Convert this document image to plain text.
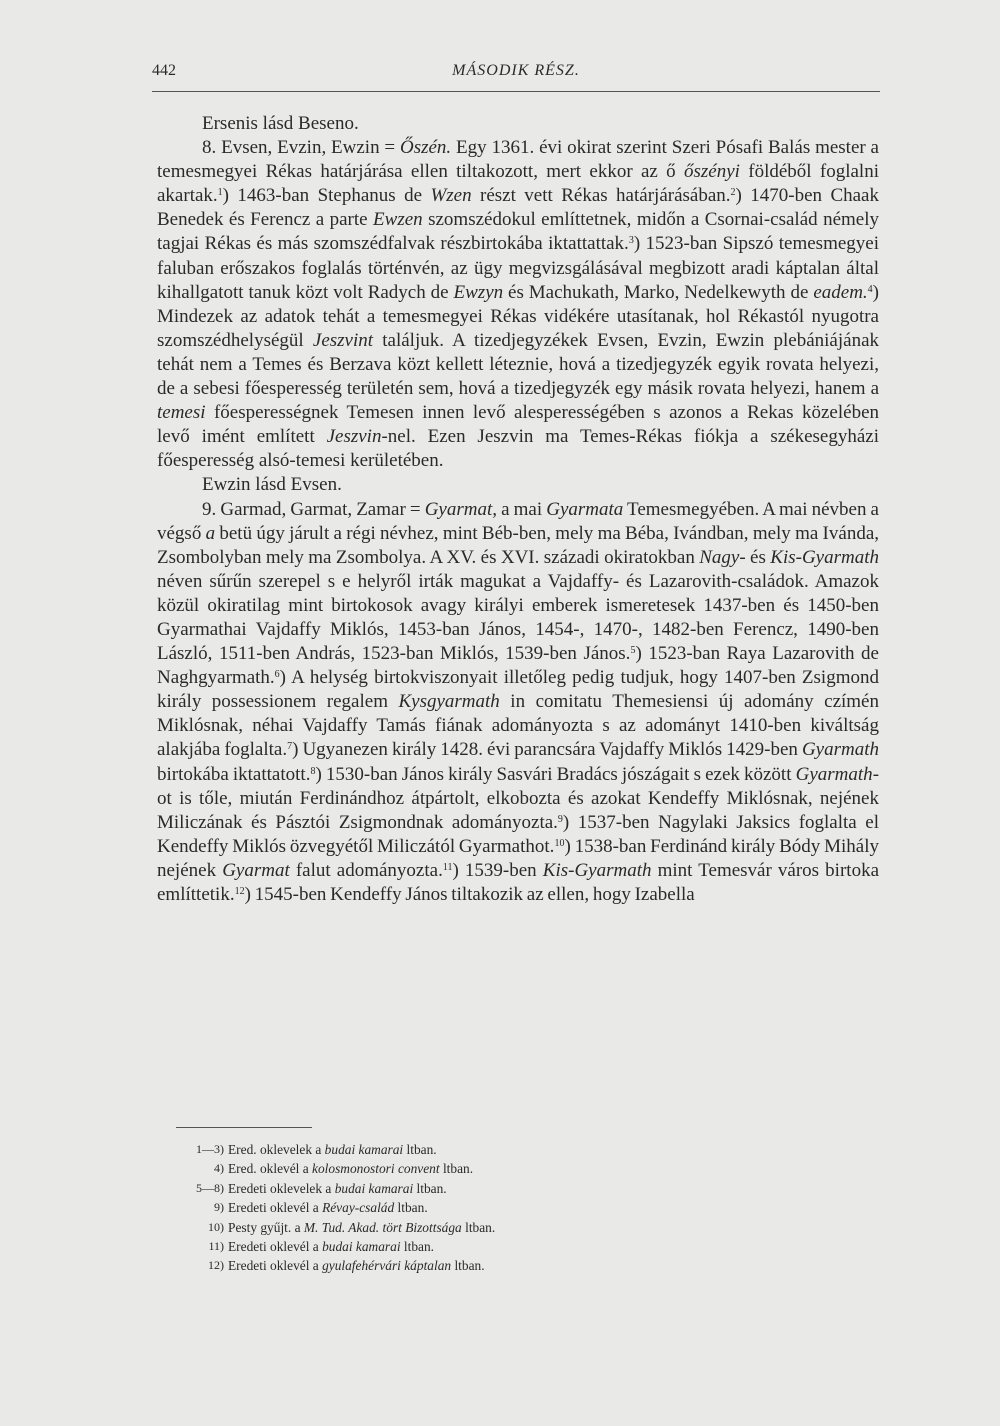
442	MÁSODIK RÉSZ.

Ersenis lásd Beseno.

8. Evsen, Evzin, Ewzin = Őszén. Egy 1361. évi okirat szerint Szeri Pósafi Balás mester a temesmegyei Rékas határjárása ellen tiltakozott, mert ekkor az ő őszényi földéből foglalni akartak.$^1$) 1463-ban Stephanus de Wzen részt vett Rékas határjárásában.$^2$) 1470-ben Chaak Benedek és Ferencz a parte Ewzen szomszédokul említtetnek, midőn a Csornai-család némely tagjai Rékas és más szomszédfalvak részbirtokába iktattattak.$^3$) 1523-ban Sipszó temesmegyei faluban erőszakos foglalás történvén, az ügy megvizsgálásával megbizott aradi káptalan által kihallgatott tanuk közt volt Radych de Ewzyn és Machukath, Marko, Nedelkewyth de eadem.$^4$) Mindezek az adatok tehát a temesmegyei Rékas vidékére utasítanak, hol Rékastól nyugotra szomszédhelységül Jeszvint találjuk. A tizedjegyzékek Evsen, Evzin, Ewzin plebániájának tehát nem a Temes és Berzava közt kellett léteznie, hová a tizedjegyzék egyik rovata helyezi, de a sebesi főesperesség területén sem, hová a tizedjegyzék egy másik rovata helyezi, hanem a temesi főesperességnek Temesen innen levő alesperességében s azonos a Rekas közelében levő imént említett Jeszvin-nel. Ezen Jeszvin ma Temes-Rékas fiókja a székesegyházi főesperesség alsó-temesi kerületében.

Ewzin lásd Evsen.

9. Garmad, Garmat, Zamar = Gyarmat, a mai Gyarmata Temesmegyében. A mai névben a végső a betü úgy járult a régi névhez, mint Béb-ben, mely ma Béba, Ivándban, mely ma Ivánda, Zsombolyban mely ma Zsombolya. A XV. és XVI. századi okiratokban Nagy- és Kis-Gyarmath néven sűrűn szerepel s e helyről irták magukat a Vajdaffy- és Lazarovith-családok. Amazok közül okiratilag mint birtokosok avagy királyi emberek ismeretesek 1437-ben és 1450-ben Gyarmathai Vajdaffy Miklós, 1453-ban János, 1454-, 1470-, 1482-ben Ferencz, 1490-ben László, 1511-ben András, 1523-ban Miklós, 1539-ben János.$^5$) 1523-ban Raya Lazarovith de Naghgyarmath.$^6$) A helység birtokviszonyait illetőleg pedig tudjuk, hogy 1407-ben Zsigmond király possessionem regalem Kysgyarmath in comitatu Themesiensi új adomány czímén Miklósnak, néhai Vajdaffy Tamás fiának adományozta s az adományt 1410-ben kiváltság alakjába foglalta.$^7$) Ugyanezen király 1428. évi parancsára Vajdaffy Miklós 1429-ben Gyarmath birtokába iktattatott.$^8$) 1530-ban János király Sasvári Bradács jószágait s ezek között Gyarmath-ot is tőle, miután Ferdinándhoz átpártolt, elkobozta és azokat Kendeffy Miklósnak, nejének Miliczának és Pásztói Zsigmondnak adományozta.$^9$) 1537-ben Nagylaki Jaksics foglalta el Kendeffy Miklós özvegyétől Miliczától Gyarmathot.$^{10}$) 1538-ban Ferdinánd király Bódy Mihály nejének Gyarmat falut adományozta.$^{11}$) 1539-ben Kis-Gyarmath mint Temesvár város birtoka említtetik.$^{12}$) 1545-ben Kendeffy János tiltakozik az ellen, hogy Izabella

1—3) Ered. oklevelek a budai kamarai ltban.
4) Ered. oklevél a kolosmonostori convent ltban.
5—8) Eredeti oklevelek a budai kamarai ltban.
9) Eredeti oklevél a Révay-család ltban.
10) Pesty gyűjt. a M. Tud. Akad. tört Bizottsága ltban.
11) Eredeti oklevél a budai kamarai ltban.
12) Eredeti oklevél a gyulafehérvári káptalan ltban.
